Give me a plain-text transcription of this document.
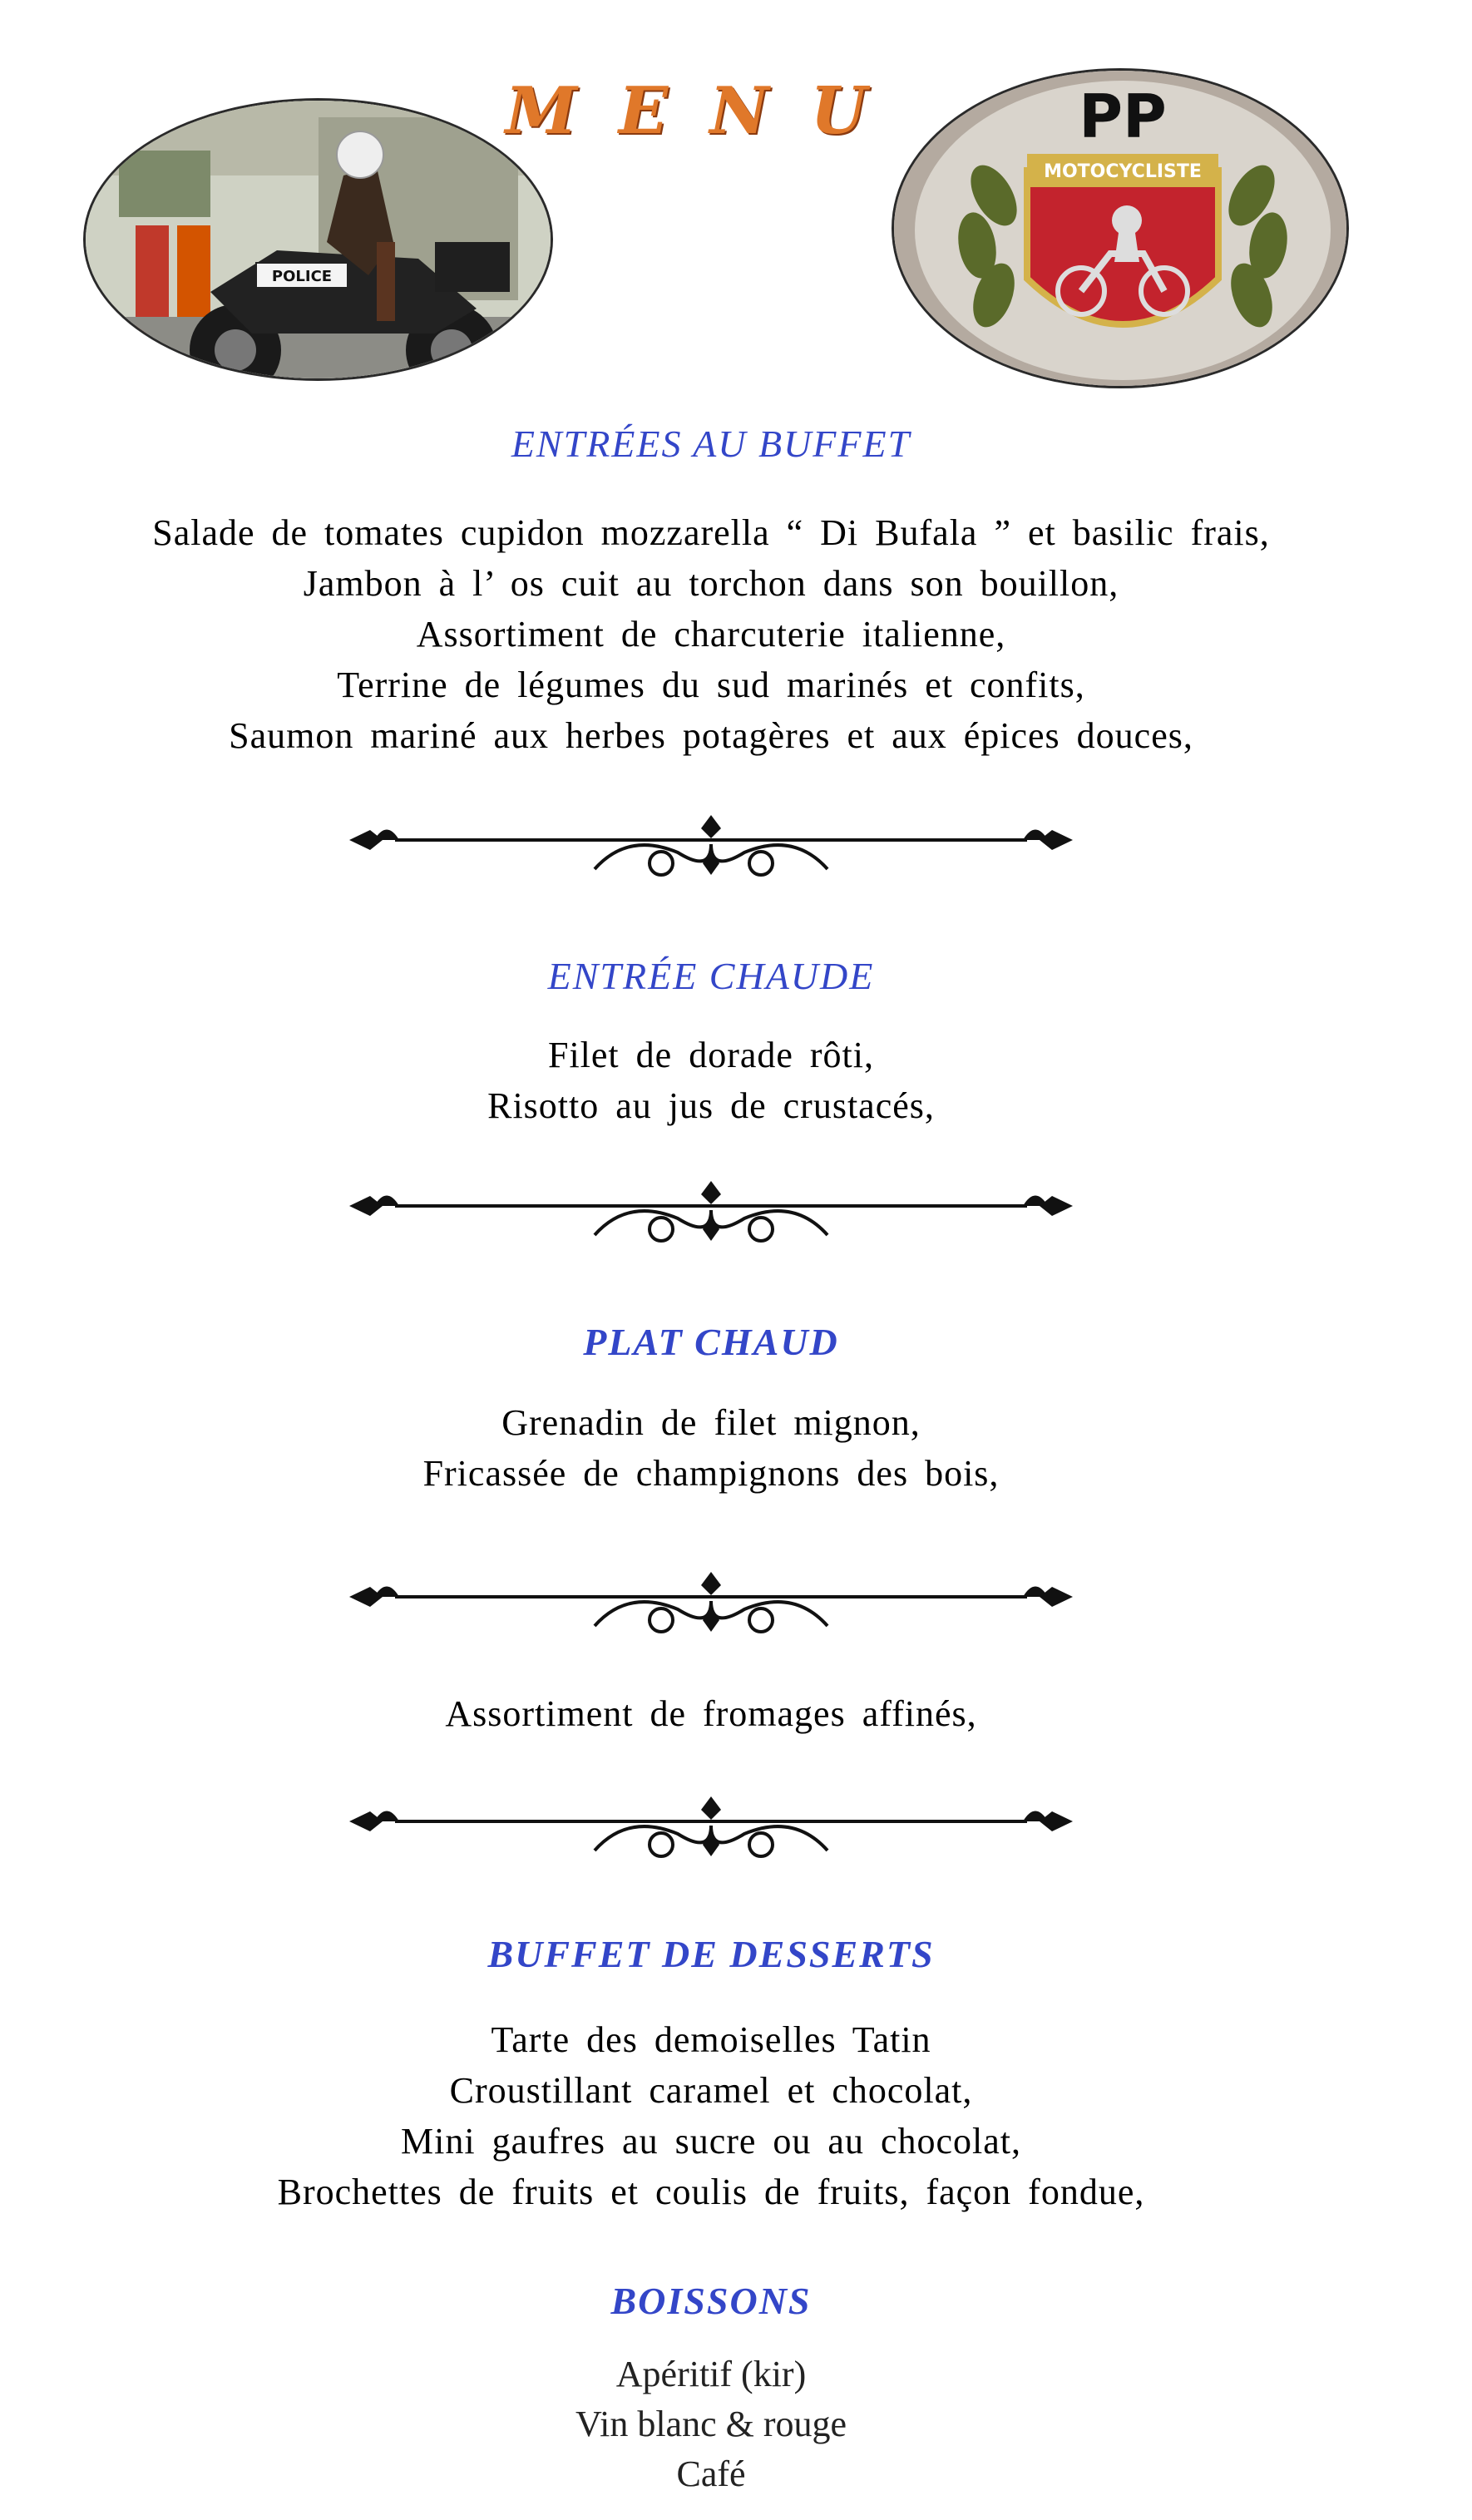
POLICE
MENU
MOTOCYCLISTE
PP
ENTRÉES AU BUFFET
Salade de tomates cupidon mozzarella “ Di Bufala ” et basilic frais,
Jambon à l’ os cuit au torchon dans son bouillon,
Assortiment de charcuterie italienne,
Terrine de légumes du sud marinés et confits,
Saumon mariné aux herbes potagères et aux épices douces,
ENTRÉE CHAUDE
Filet de dorade rôti,
Risotto au jus de crustacés,
PLAT CHAUD
Grenadin de filet mignon,
Fricassée de champignons des bois,
Assortiment de fromages affinés,
BUFFET DE DESSERTS
Tarte des demoiselles Tatin
Croustillant caramel et chocolat,
Mini gaufres au sucre ou au chocolat,
Brochettes de fruits et coulis de fruits, façon fondue,
BOISSONS
Apéritif (kir)
Vin blanc & rouge
Café
